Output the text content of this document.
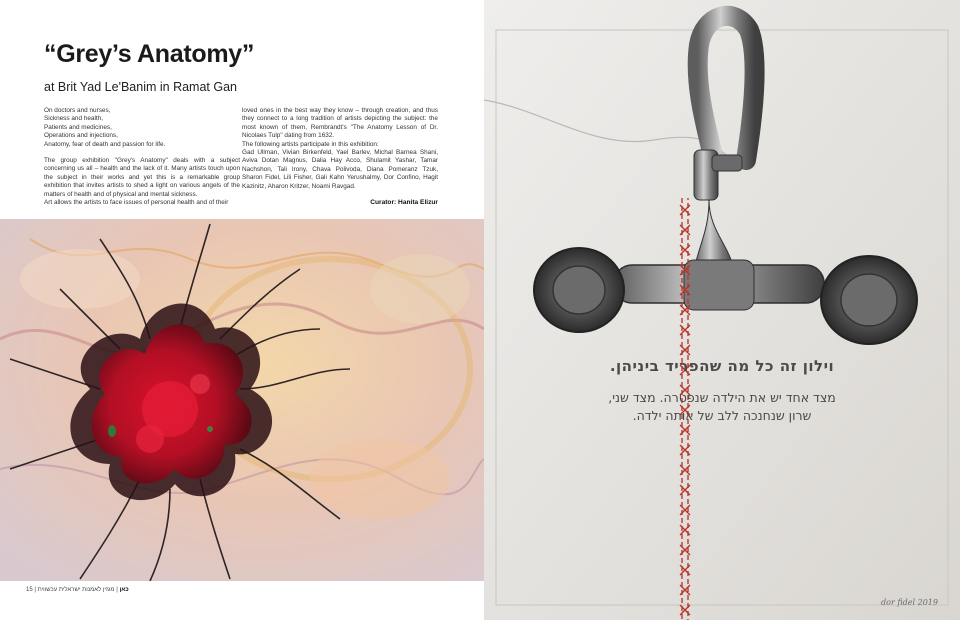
“Grey’s Anatomy”
at Brit Yad Le'Banim in Ramat Gan
On doctors and nurses,
Sickness and health,
Patients and medicines,
Operations and injections,
Anatomy, fear of death and passion for life.

The group exhibition "Grey's Anatomy" deals with a subject concerning us all – health and the lack of it. Many artists touch upon the subject in their works and yet this is a remarkable group exhibition that invites artists to shed a light on various angels of the matters of health and of physical and mental sickness.

Art allows the artists to face issues of personal health and of their

loved ones in the best way they know – through creation, and thus they connect to a long tradition of artists depicting the subject: the most known of them, Rembrandt's "The Anatomy Lesson of Dr. Nicolaes Tulp" dating from 1632.

The following artists participate in this exhibition:

Gad Ullman, Vivian Birkenfeld, Yael Barlev, Michal Barnea Shani, Aviva Dotan Magnus, Dalia Hay Acco, Shulamit Yashar, Tamar Nachshon, Tali Irony, Chava Polivoda, Diana Pomeranz Tzuk, Sharon Fidel, Lili Fisher, Gali Kahn Yerushalmy, Dor Confino, Hagit Kazinitz, Aharon Kritzer, Noami Ravgad.

Curator: Hanita Elizur
15 |	כאן | מגזין לאמנות ישראלית עכשווית
וילון זה כל מה שהפריד ביניהן.
מצד אחד יש את הילדה שנפטרה. מצד שני,
שרון שנחנכה ללב של אותה ילדה.
dor fidel 2019
